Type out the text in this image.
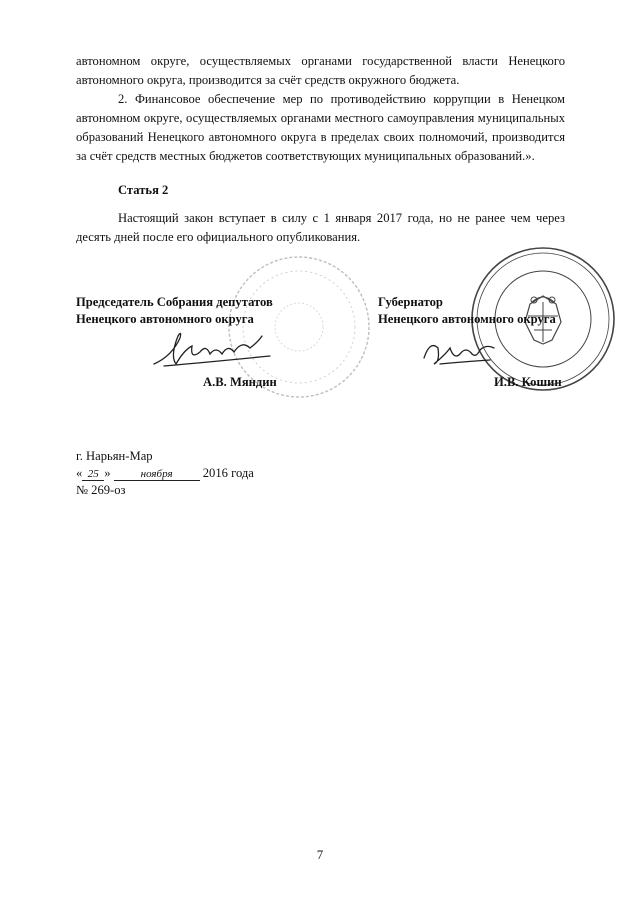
автономном округе, осуществляемых органами государственной власти Ненецкого автономного округа, производится за счёт средств окружного бюджета.

2. Финансовое обеспечение мер по противодействию коррупции в Ненецком автономном округе, осуществляемых органами местного самоуправления муниципальных образований Ненецкого автономного округа в пределах своих полномочий, производится за счёт средств местных бюджетов соответствующих муниципальных образований.».

Статья 2

Настоящий закон вступает в силу с 1 января 2017 года, но не ранее чем через десять дней после его официального опубликования.

Председатель Собрания депутатов
Ненецкого автономного округа
Губернатор
Ненецкого автономного округа
А.В. Мяндин	И.В. Кошин
г. Нарьян-Мар
« 25 »	ноября 2016 года
№ 269-оз
7
